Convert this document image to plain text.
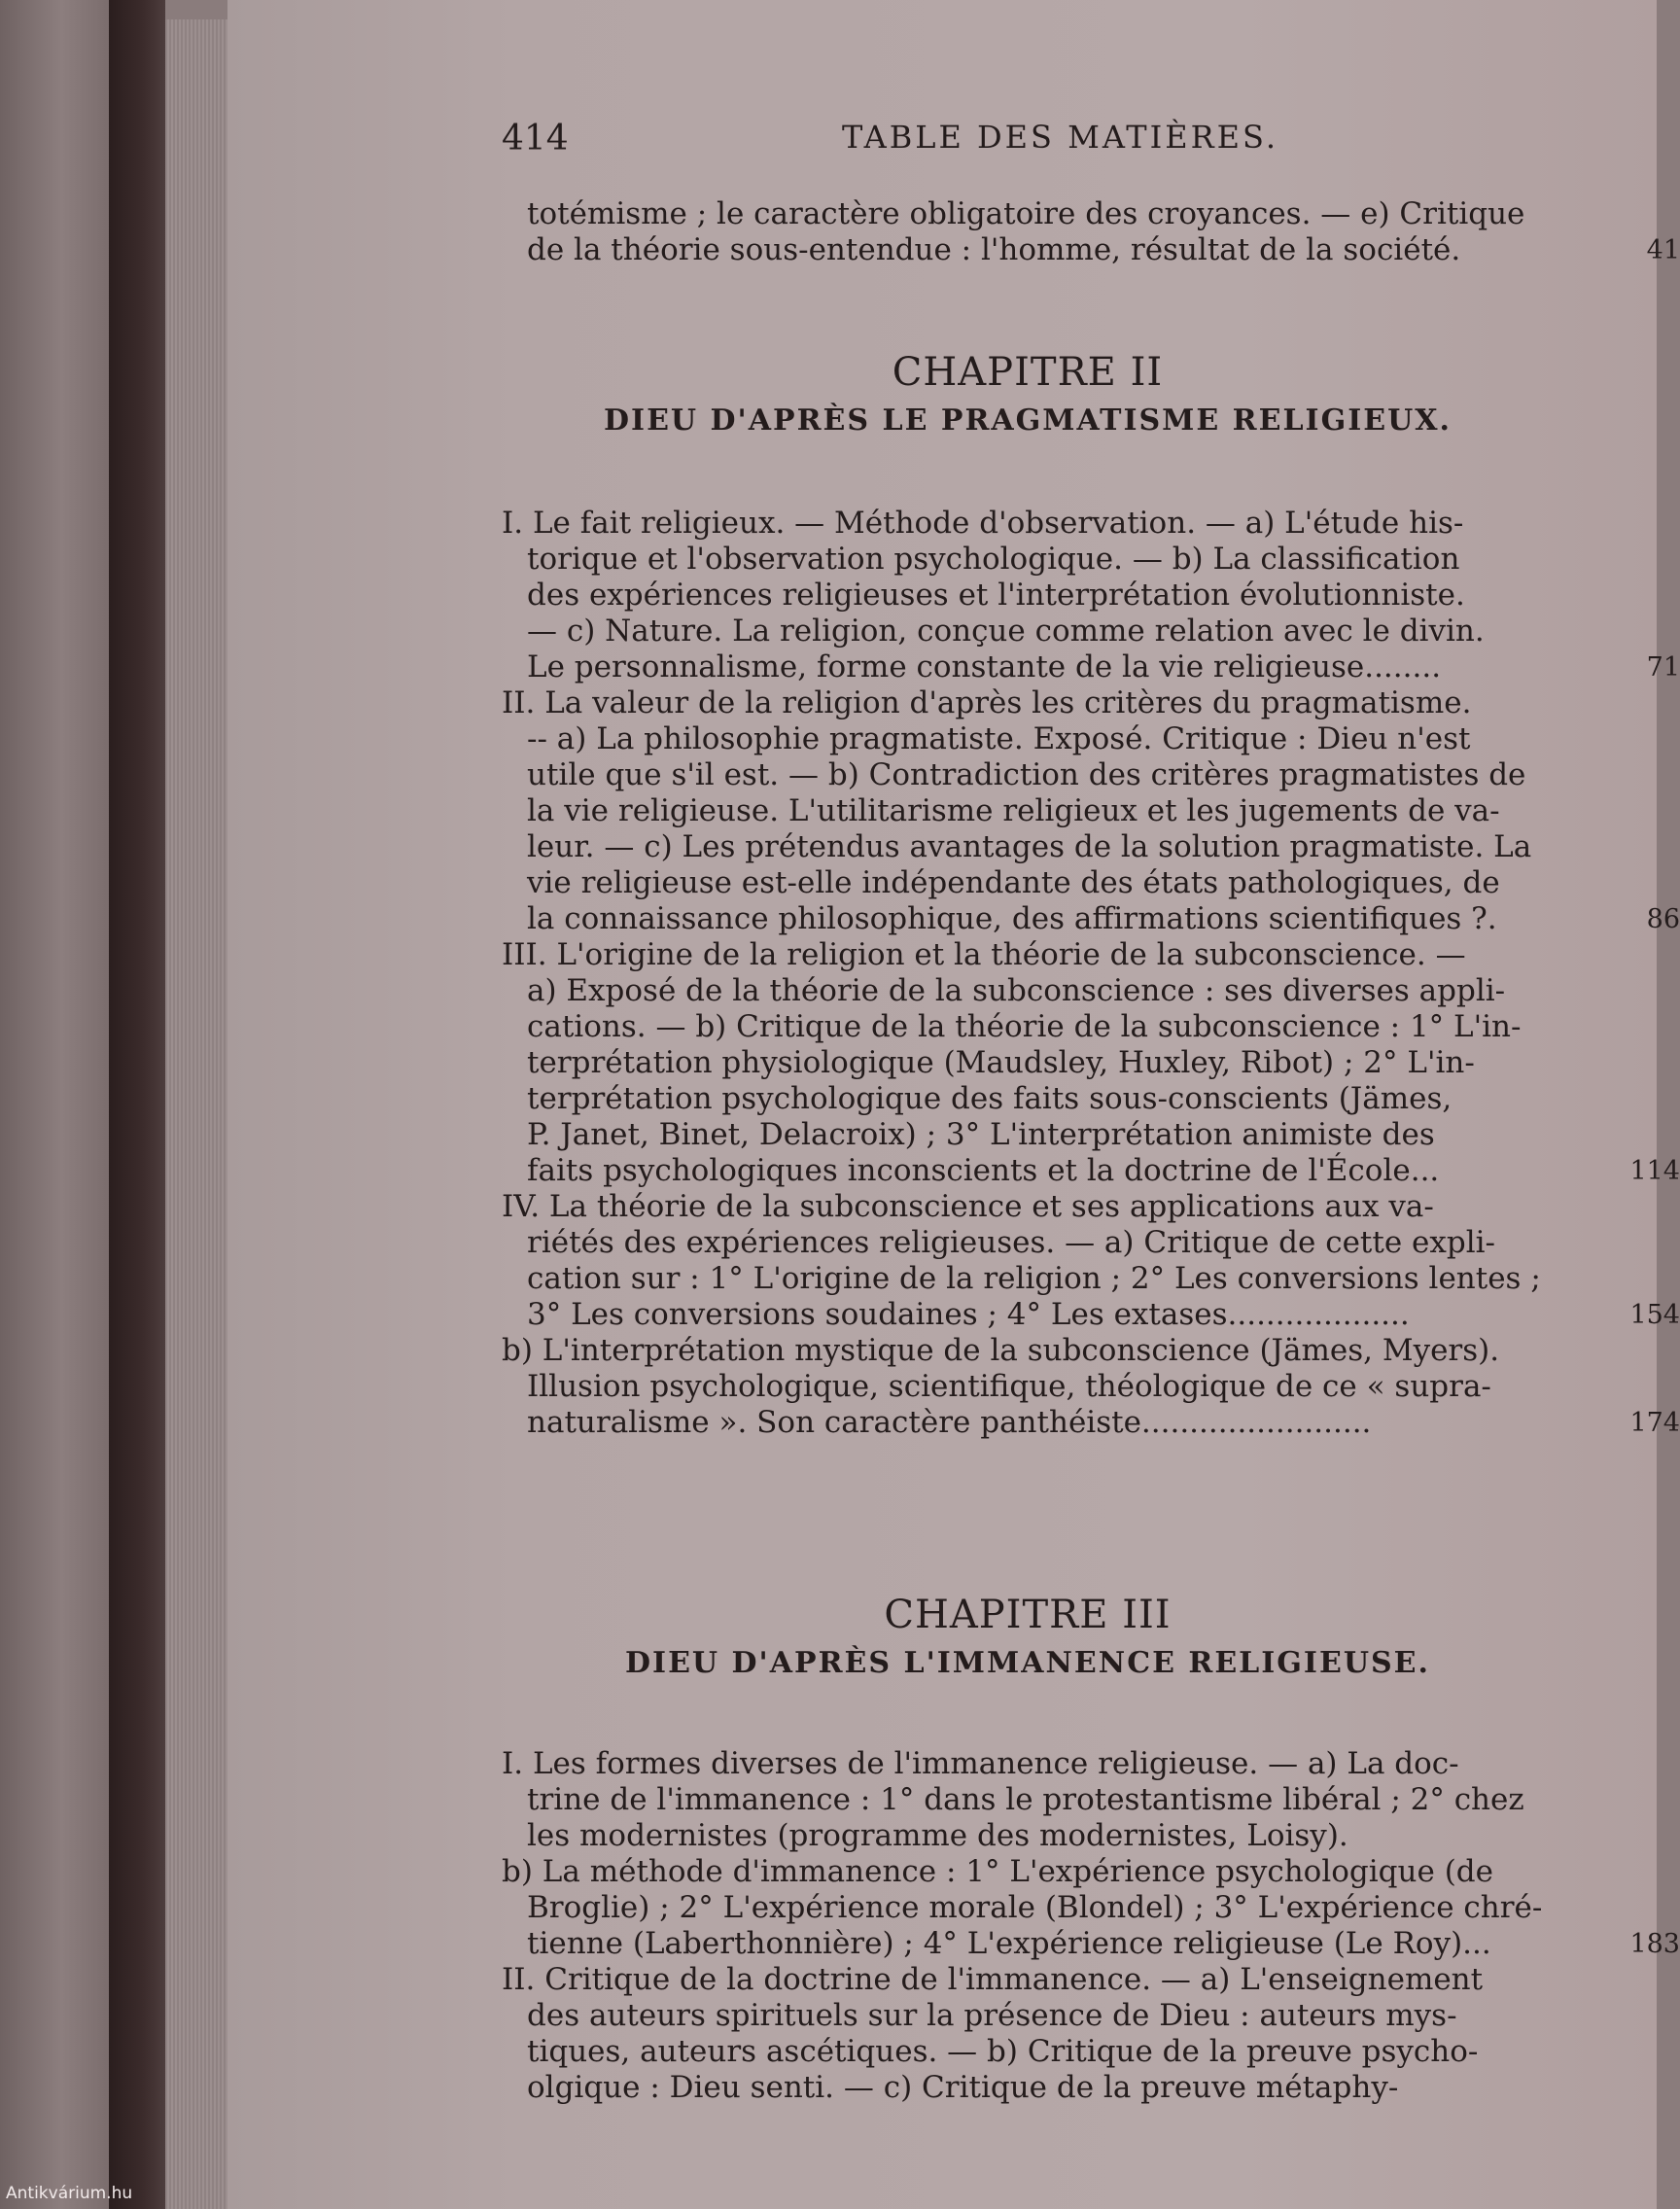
414	TABLE DES MATIÈRES.
totémisme ; le caractère obligatoire des croyances. — e) Critique
de la théorie sous-entendue : l'homme, résultat de la société.	41
CHAPITRE II
DIEU D'APRÈS LE PRAGMATISME RELIGIEUX.
I. Le fait religieux. — Méthode d'observation. — a) L'étude his-
torique et l'observation psychologique. — b) La classification
des expériences religieuses et l'interprétation évolutionniste.
— c) Nature. La religion, conçue comme relation avec le divin.
Le personnalisme, forme constante de la vie religieuse........	71
II. La valeur de la religion d'après les critères du pragmatisme.
-- a) La philosophie pragmatiste. Exposé. Critique : Dieu n'est
utile que s'il est. — b) Contradiction des critères pragmatistes de
la vie religieuse. L'utilitarisme religieux et les jugements de va-
leur. — c) Les prétendus avantages de la solution pragmatiste. La
vie religieuse est-elle indépendante des états pathologiques, de
la connaissance philosophique, des affirmations scientifiques ?.	86
III. L'origine de la religion et la théorie de la subconscience. —
a) Exposé de la théorie de la subconscience : ses diverses appli-
cations. — b) Critique de la théorie de la subconscience : 1° L'in-
terprétation physiologique (Maudsley, Huxley, Ribot) ; 2° L'in-
terprétation psychologique des faits sous-conscients (Jämes,
P. Janet, Binet, Delacroix) ; 3° L'interprétation animiste des
faits psychologiques inconscients et la doctrine de l'École...	114
IV. La théorie de la subconscience et ses applications aux va-
riétés des expériences religieuses. — a) Critique de cette expli-
cation sur : 1° L'origine de la religion ; 2° Les conversions lentes ;
3° Les conversions soudaines ; 4° Les extases...................	154
b) L'interprétation mystique de la subconscience (Jämes, Myers).
Illusion psychologique, scientifique, théologique de ce « supra-
naturalisme ». Son caractère panthéiste........................	174
CHAPITRE III
DIEU D'APRÈS L'IMMANENCE RELIGIEUSE.
I. Les formes diverses de l'immanence religieuse. — a) La doc-
trine de l'immanence : 1° dans le protestantisme libéral ; 2° chez
les modernistes (programme des modernistes, Loisy).
b) La méthode d'immanence : 1° L'expérience psychologique (de
Broglie) ; 2° L'expérience morale (Blondel) ; 3° L'expérience chré-
tienne (Laberthonnière) ; 4° L'expérience religieuse (Le Roy)...	183
II. Critique de la doctrine de l'immanence. — a) L'enseignement
des auteurs spirituels sur la présence de Dieu : auteurs mys-
tiques, auteurs ascétiques. — b) Critique de la preuve psycho-
olgique : Dieu senti. — c) Critique de la preuve métaphy-
Antikvárium.hu
